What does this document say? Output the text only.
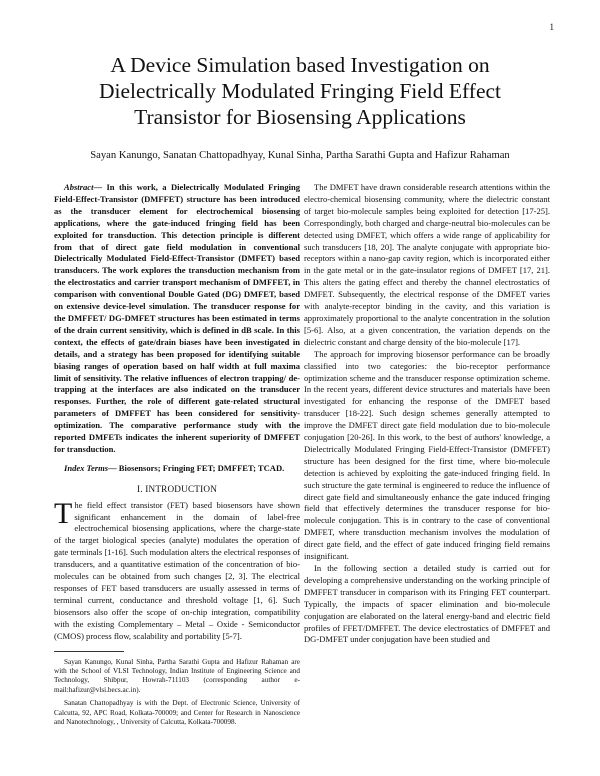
1
A Device Simulation based Investigation on
Dielectrically Modulated Fringing Field Effect
Transistor for Biosensing Applications

Sayan Kanungo, Sanatan Chattopadhyay, Kunal Sinha, Partha Sarathi Gupta and Hafizur Rahaman

Abstract— In this work, a Dielectrically Modulated Fringing Field-Effect-Transistor (DMFFET) structure has been introduced as the transducer element for electrochemical biosensing applications, where the gate-induced fringing field has been exploited for transduction. This detection principle is different from that of direct gate field modulation in conventional Dielectrically Modulated Field-Effect-Transistor (DMFET) based transducers. The work explores the transduction mechanism from the electrostatics and carrier transport mechanism of DMFFET, in comparison with conventional Double Gated (DG) DMFET, based on extensive device-level simulation. The transducer response for the DMFFET/ DG-DMFET structures has been estimated in terms of the drain current sensitivity, which is defined in dB scale. In this context, the effects of gate/drain biases have been investigated in details, and a strategy has been proposed for identifying suitable biasing ranges of operation based on half width at full maxima limit of sensitivity. The relative influences of electron trapping/ de-trapping at the interfaces are also indicated on the transducer responses. Further, the role of different gate-related structural parameters of DMFFET has been considered for sensitivity-optimization. The comparative performance study with the reported DMFETs indicates the inherent superiority of DMFFET for transduction.

Index Terms— Biosensors; Fringing FET; DMFFET; TCAD.

I. INTRODUCTION

The field effect transistor (FET) based biosensors have shown significant enhancement in the domain of label-free electrochemical biosensing applications, where the charge-state of the target biological species (analyte) modulates the operation of gate terminals [1-16]. Such modulation alters the electrical responses of transducers, and a quantitative estimation of the concentration of bio-molecules can be obtained from such changes [2, 3]. The electrical responses of FET based transducers are usually assessed in terms of terminal current, conductance and threshold voltage [1, 6]. Such biosensors also offer the scope of on-chip integration, compatibility with the existing Complementary – Metal – Oxide - Semiconductor (CMOS) process flow, scalability and portability [5-7].

Sayan Kanungo, Kunal Sinha, Partha Sarathi Gupta and Hafizur Rahaman are with the School of VLSI Technology, Indian Institute of Engineering Science and Technology, Shibpur, Howrah-711103 (corresponding author e-mail:hafizur@vlsi.becs.ac.in).

Sanatan Chattopadhyay is with the Dept. of Electronic Science, University of Calcutta, 92, APC Road, Kolkata-700009; and Center for Research in Nanoscience and Nanotechnology, , University of Calcutta, Kolkata-700098.

The DMFET have drawn considerable research attentions within the electro-chemical biosensing community, where the dielectric constant of target bio-molecule samples being exploited for detection [17-25]. Correspondingly, both charged and charge-neutral bio-molecules can be detected using DMFET, which offers a wide range of applicability for such transducers [18, 20]. The analyte conjugate with appropriate bio-receptors within a nano-gap cavity region, which is incorporated either in the gate metal or in the gate-insulator regions of DMFET [17, 21]. This alters the gating effect and thereby the channel electrostatics of DMFET. Subsequently, the electrical response of the DMFET varies with analyte-receptor binding in the cavity, and this variation is approximately proportional to the analyte concentration in the solution [5-6]. Also, at a given concentration, the variation depends on the dielectric constant and charge density of the bio-molecule [17].

The approach for improving biosensor performance can be broadly classified into two categories: the bio-receptor performance optimization scheme and the transducer response optimization scheme. In the recent years, different device structures and materials have been investigated for enhancing the response of the DMFET based transducer [18-22]. Such design schemes generally attempted to improve the DMFET direct gate field modulation due to bio-molecule conjugation [20-26]. In this work, to the best of authors' knowledge, a Dielectrically Modulated Fringing Field-Effect-Transistor (DMFFET) structure has been designed for the first time, where bio-molecule detection is achieved by exploiting the gate-induced fringing field. In such structure the gate terminal is engineered to reduce the influence of direct gate field and simultaneously enhance the gate induced fringing field that effectively determines the transducer response for bio-molecule conjugation. This is in contrary to the case of conventional DMFET, where transduction mechanism involves the modulation of direct gate field, and the effect of gate induced fringing field remains insignificant.

In the following section a detailed study is carried out for developing a comprehensive understanding on the working principle of DMFFET transducer in comparison with its Fringing FET counterpart. Typically, the impacts of spacer elimination and bio-molecule conjugation are elaborated on the lateral energy-band and electric field profiles of FFET/DMFFET. The device electrostatics of DMFFET and DG-DMFET under conjugation have been studied and
